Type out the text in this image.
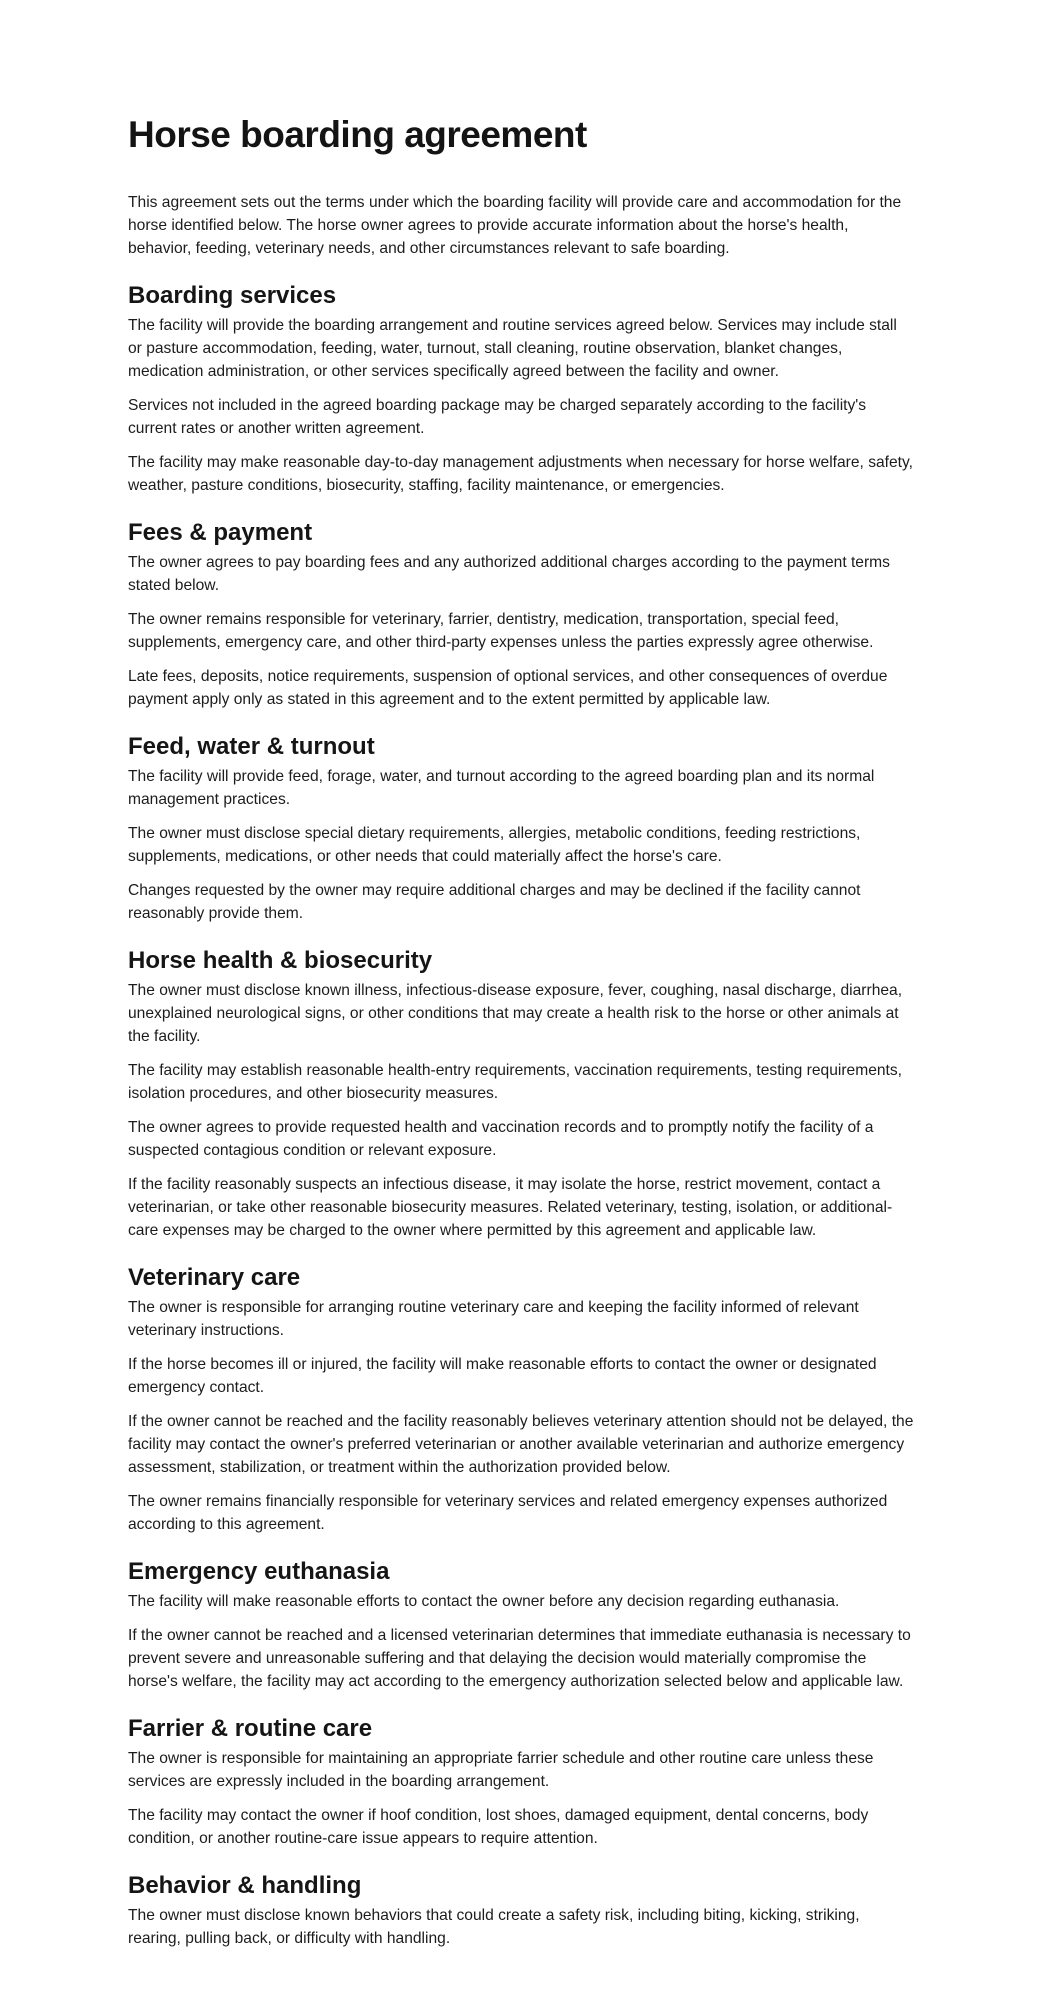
Horse boarding agreement

This agreement sets out the terms under which the boarding facility will provide care and accommodation for the horse identified below. The horse owner agrees to provide accurate information about the horse's health, behavior, feeding, veterinary needs, and other circumstances relevant to safe boarding.

Boarding services

The facility will provide the boarding arrangement and routine services agreed below. Services may include stall or pasture accommodation, feeding, water, turnout, stall cleaning, routine observation, blanket changes, medication administration, or other services specifically agreed between the facility and owner.

Services not included in the agreed boarding package may be charged separately according to the facility's current rates or another written agreement.

The facility may make reasonable day-to-day management adjustments when necessary for horse welfare, safety, weather, pasture conditions, biosecurity, staffing, facility maintenance, or emergencies.

Fees & payment

The owner agrees to pay boarding fees and any authorized additional charges according to the payment terms stated below.

The owner remains responsible for veterinary, farrier, dentistry, medication, transportation, special feed, supplements, emergency care, and other third-party expenses unless the parties expressly agree otherwise.

Late fees, deposits, notice requirements, suspension of optional services, and other consequences of overdue payment apply only as stated in this agreement and to the extent permitted by applicable law.

Feed, water & turnout

The facility will provide feed, forage, water, and turnout according to the agreed boarding plan and its normal management practices.

The owner must disclose special dietary requirements, allergies, metabolic conditions, feeding restrictions, supplements, medications, or other needs that could materially affect the horse's care.

Changes requested by the owner may require additional charges and may be declined if the facility cannot reasonably provide them.

Horse health & biosecurity

The owner must disclose known illness, infectious-disease exposure, fever, coughing, nasal discharge, diarrhea, unexplained neurological signs, or other conditions that may create a health risk to the horse or other animals at the facility.

The facility may establish reasonable health-entry requirements, vaccination requirements, testing requirements, isolation procedures, and other biosecurity measures.

The owner agrees to provide requested health and vaccination records and to promptly notify the facility of a suspected contagious condition or relevant exposure.

If the facility reasonably suspects an infectious disease, it may isolate the horse, restrict movement, contact a veterinarian, or take other reasonable biosecurity measures. Related veterinary, testing, isolation, or additional-care expenses may be charged to the owner where permitted by this agreement and applicable law.

Veterinary care

The owner is responsible for arranging routine veterinary care and keeping the facility informed of relevant veterinary instructions.

If the horse becomes ill or injured, the facility will make reasonable efforts to contact the owner or designated emergency contact.

If the owner cannot be reached and the facility reasonably believes veterinary attention should not be delayed, the facility may contact the owner's preferred veterinarian or another available veterinarian and authorize emergency assessment, stabilization, or treatment within the authorization provided below.

The owner remains financially responsible for veterinary services and related emergency expenses authorized according to this agreement.

Emergency euthanasia

The facility will make reasonable efforts to contact the owner before any decision regarding euthanasia.

If the owner cannot be reached and a licensed veterinarian determines that immediate euthanasia is necessary to prevent severe and unreasonable suffering and that delaying the decision would materially compromise the horse's welfare, the facility may act according to the emergency authorization selected below and applicable law.

Farrier & routine care

The owner is responsible for maintaining an appropriate farrier schedule and other routine care unless these services are expressly included in the boarding arrangement.

The facility may contact the owner if hoof condition, lost shoes, damaged equipment, dental concerns, body condition, or another routine-care issue appears to require attention.

Behavior & handling

The owner must disclose known behaviors that could create a safety risk, including biting, kicking, striking, rearing, pulling back, or difficulty with handling.
